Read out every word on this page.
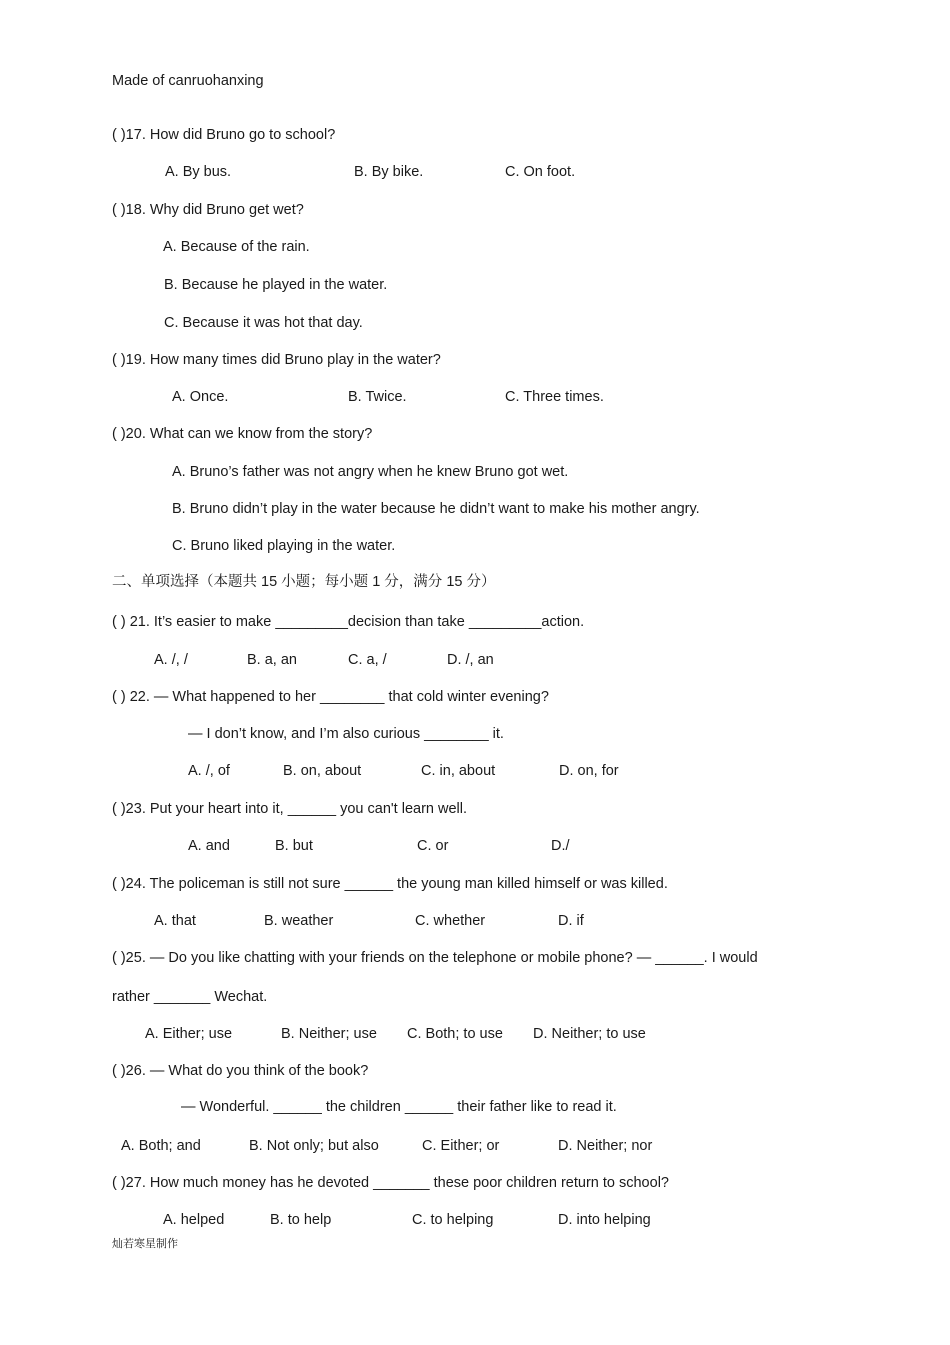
Made of canruohanxing
( )17. How did Bruno go to school?
A. By bus.	B. By bike.	C. On foot.
( )18. Why did Bruno get wet?
A. Because of the rain.
B. Because he played in the water.
C. Because it was hot that day.
( )19. How many times did Bruno play in the water?
A. Once.	B. Twice.	C. Three times.
( )20. What can we know from the story?
A. Bruno’s father was not angry when he knew Bruno got wet.
B. Bruno didn’t play in the water because he didn’t want to make his mother angry.
C. Bruno liked playing in the water.
二、单项选择（本题共 15 小题；每小题 1 分，满分 15 分）
( ) 21. It’s easier to make _________decision than take _________action.
A. /, /	B. a, an	C. a, /	D. /, an
( ) 22. — What happened to her ________ that cold winter evening?
— I don’t know, and I’m also curious ________ it.
A. /, of	B. on, about	C. in, about	D. on, for
( )23. Put your heart into it, ______ you can't learn well.
A. and	B. but	C. or	D./
( )24. The policeman is still not sure ______ the young man killed himself or was killed.
A. that	B. weather	C. whether	D. if
( )25. — Do you like chatting with your friends on the telephone or mobile phone? — ______. I would
rather _______ Wechat.
A. Either; use	B. Neither; use C. Both; to use D. Neither; to use
( )26. — What do you think of the book?
— Wonderful. ______ the children ______ their father like to read it.
A. Both; and	B. Not only; but also	C. Either; or	D. Neither; nor
( )27. How much money has he devoted _______ these poor children return to school?
A. helped	B. to help	C. to helping	D. into helping
灿若寒星制作
